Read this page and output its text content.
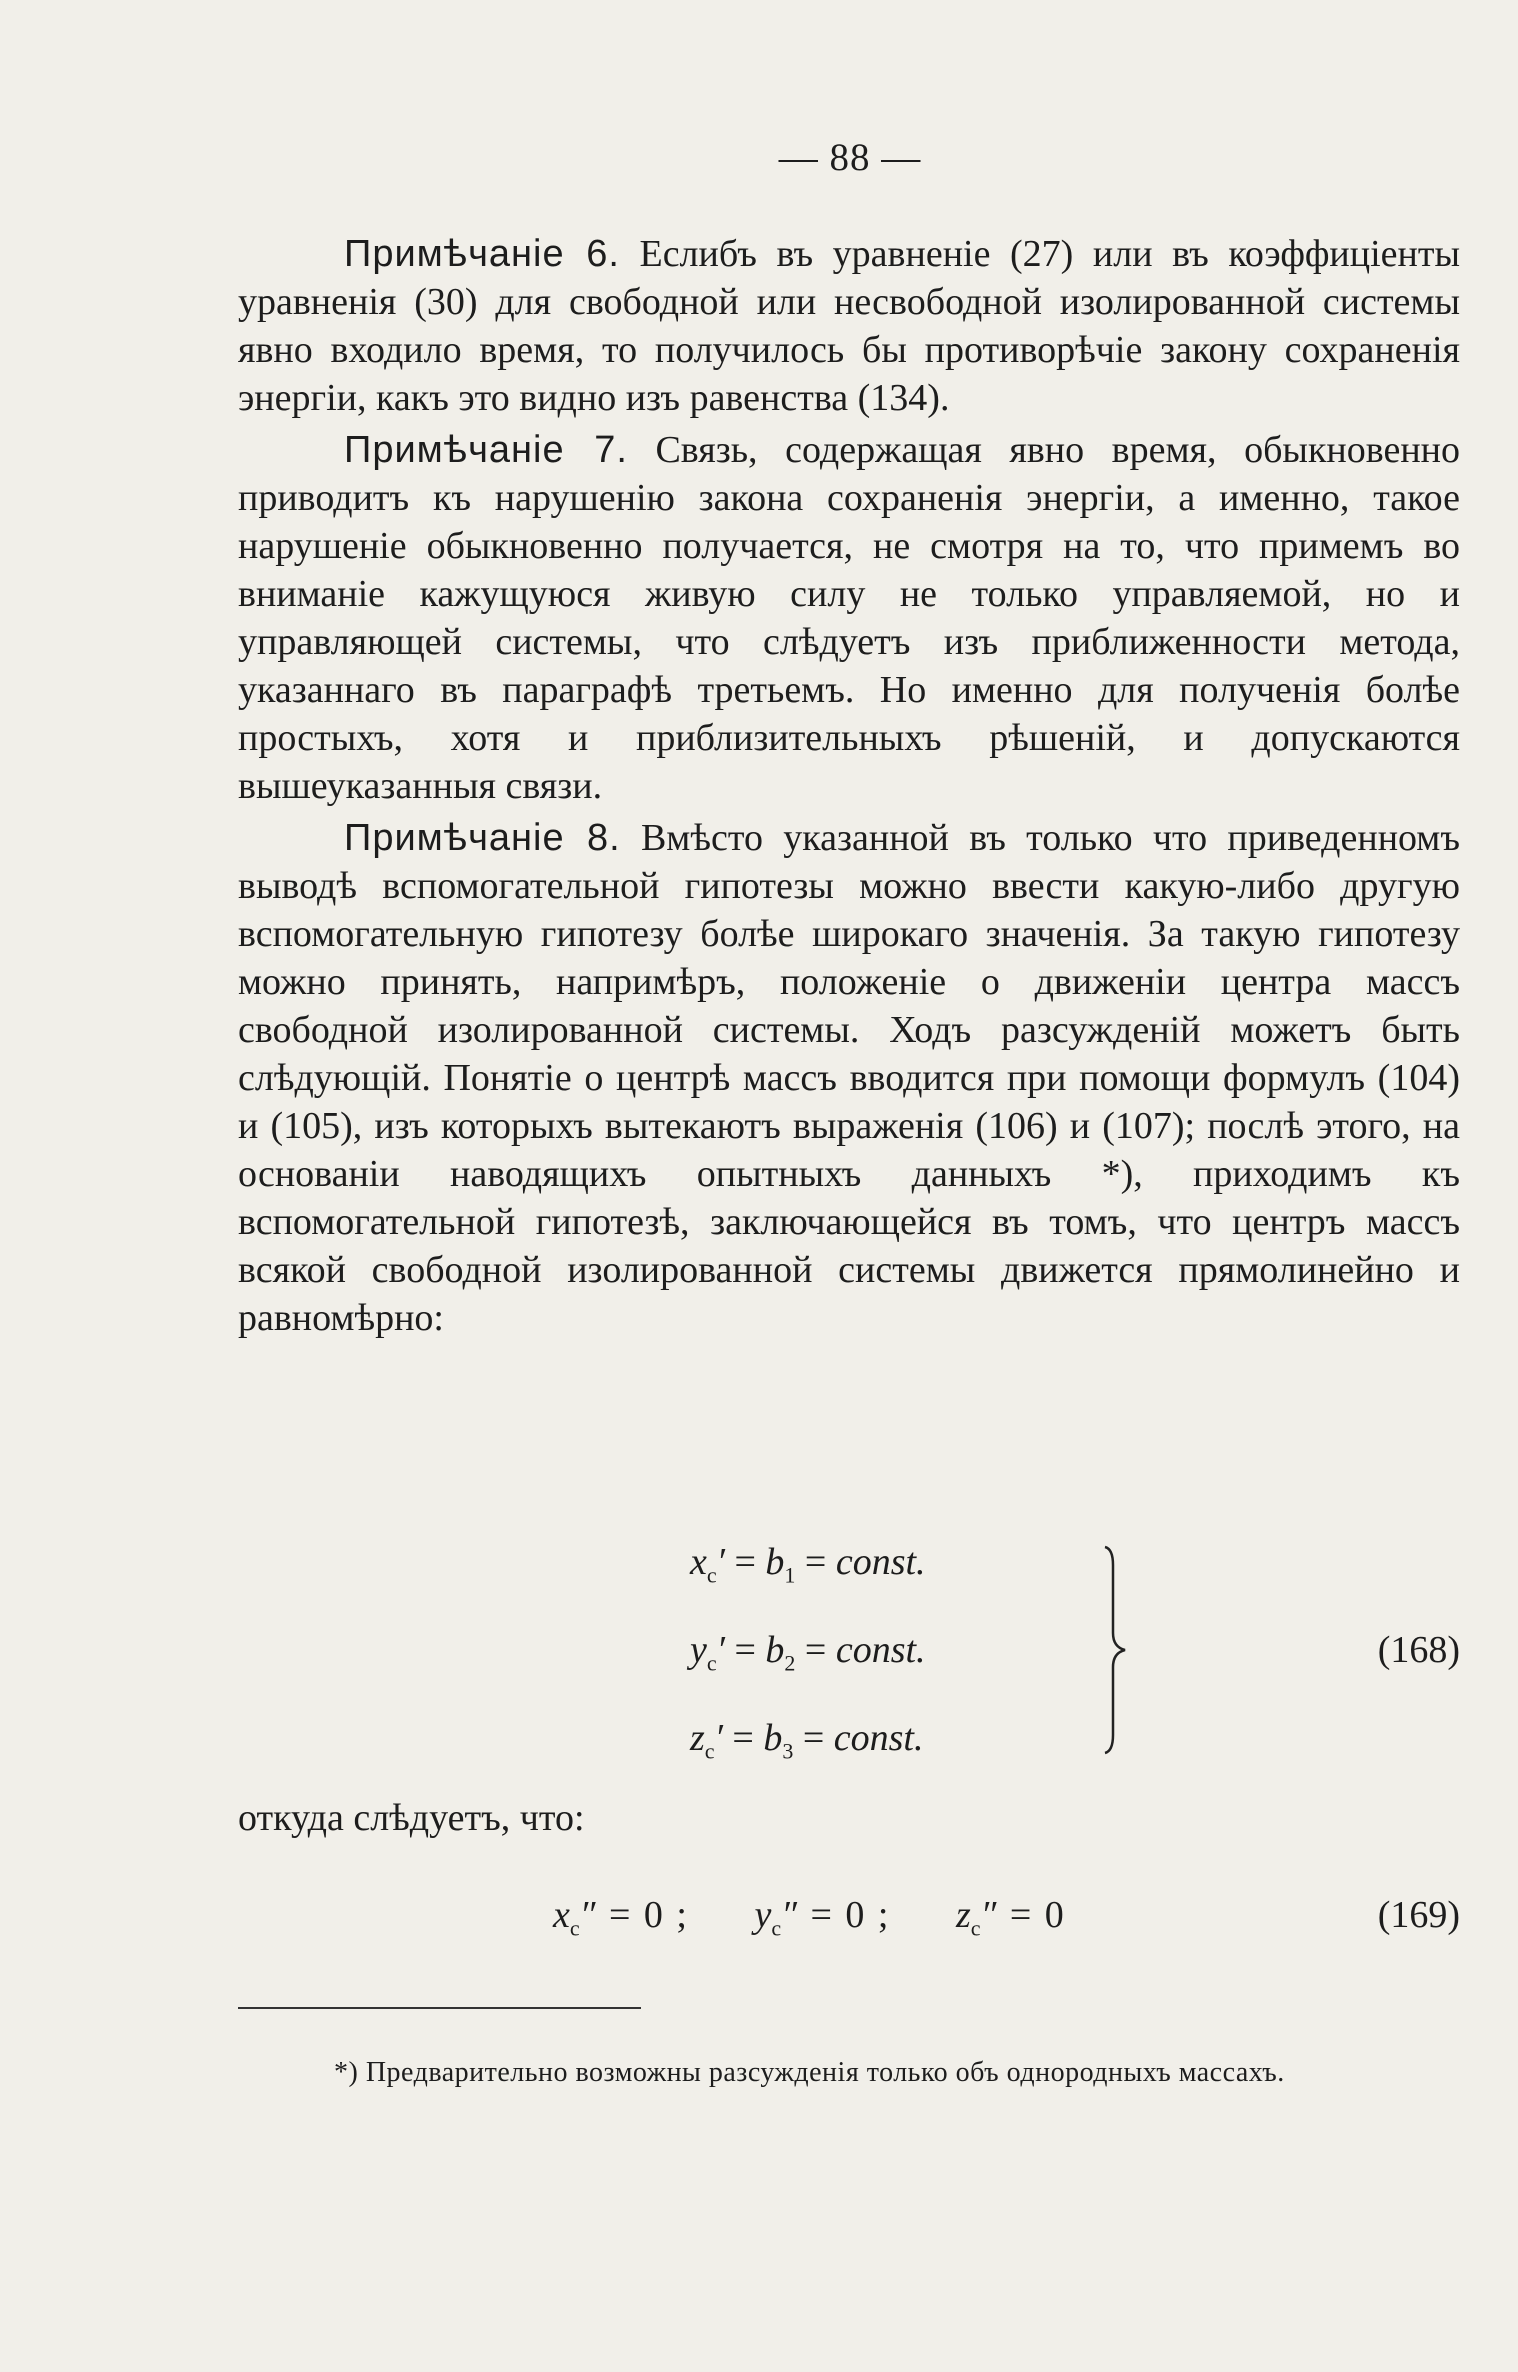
— 88 —

Примѣчаніе 6. Еслибъ въ уравненіе (27) или въ коэффиціенты уравненія (30) для свободной или несвободной изолированной системы явно входило время, то получилось бы противорѣчіе закону сохраненія энергіи, какъ это видно изъ равенства (134).

Примѣчаніе 7. Связь, содержащая явно время, обыкновенно приводитъ къ нарушенію закона сохраненія энергіи, а именно, такое нарушеніе обыкновенно получается, не смотря на то, что примемъ во вниманіе кажущуюся живую силу не только управляемой, но и управляющей системы, что слѣдуетъ изъ приближенности метода, указаннаго въ параграфѣ третьемъ. Но именно для полученія болѣе простыхъ, хотя и приблизительныхъ рѣшеній, и допускаются вышеуказанныя связи.

Примѣчаніе 8. Вмѣсто указанной въ только что приведенномъ выводѣ вспомогательной гипотезы можно ввести какую-либо другую вспомогательную гипотезу болѣе широкаго значенія. За такую гипотезу можно принять, напримѣръ, положеніе о движеніи центра массъ свободной изолированной системы. Ходъ разсужденій можетъ быть слѣдующій. Понятіе о центрѣ массъ вводится при помощи формулъ (104) и (105), изъ которыхъ вытекаютъ выраженія (106) и (107); послѣ этого, на основаніи наводящихъ опытныхъ данныхъ *), приходимъ къ вспомогательной гипотезѣ, заключающейся въ томъ, что центръ массъ всякой свободной изолированной системы движется прямолинейно и равномѣрно:

$x_c' = b_1$ = const.
$y_c' = b_2$ = const.
$z_c' = b_3$ = const.
(168)
откуда слѣдуетъ, что:
$x_c'' = 0$ ;     $y_c'' = 0$ ;     $z_c'' = 0$	(169)
*) Предварительно возможны разсужденія только объ однородныхъ массахъ.
